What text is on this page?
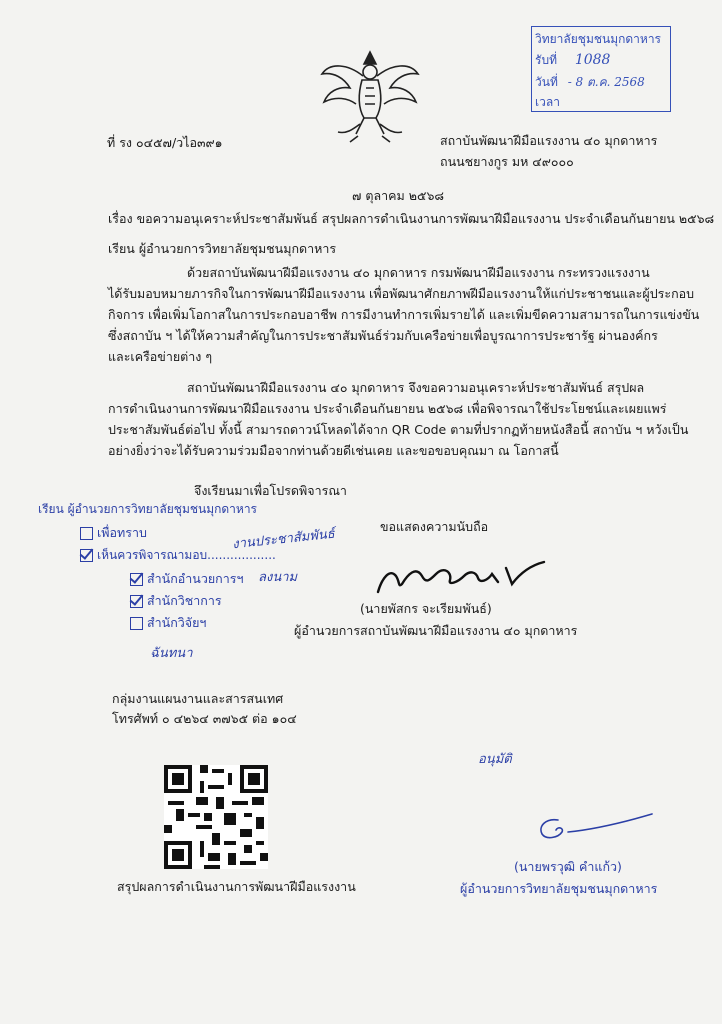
วิทยาลัยชุมชนมุกดาหาร
รับที่ 1088
วันที่ - 8 ต.ค. 2568
เวลา
ที่ รง ๐๔๕๗/วไอ๓๙๑	สถาบันพัฒนาฝีมือแรงงาน ๔๐ มุกดาหาร
ถนนชยางกูร มห ๔๙๐๐๐
๗ ตุลาคม ๒๕๖๘
เรื่อง ขอความอนุเคราะห์ประชาสัมพันธ์ สรุปผลการดำเนินงานการพัฒนาฝีมือแรงงาน ประจำเดือนกันยายน ๒๕๖๘
เรียน ผู้อำนวยการวิทยาลัยชุมชนมุกดาหาร
ด้วยสถาบันพัฒนาฝีมือแรงงาน ๔๐ มุกดาหาร กรมพัฒนาฝีมือแรงงาน กระทรวงแรงงาน
ได้รับมอบหมายภารกิจในการพัฒนาฝีมือแรงงาน เพื่อพัฒนาศักยภาพฝีมือแรงงานให้แก่ประชาชนและผู้ประกอบ
กิจการ เพื่อเพิ่มโอกาสในการประกอบอาชีพ การมีงานทำการเพิ่มรายได้ และเพิ่มขีดความสามารถในการแข่งขัน
ซึ่งสถาบัน ฯ ได้ให้ความสำคัญในการประชาสัมพันธ์ร่วมกับเครือข่ายเพื่อบูรณาการประชารัฐ ผ่านองค์กร
และเครือข่ายต่าง ๆ
สถาบันพัฒนาฝีมือแรงงาน ๔๐ มุกดาหาร จึงขอความอนุเคราะห์ประชาสัมพันธ์ สรุปผล
การดำเนินงานการพัฒนาฝีมือแรงงาน ประจำเดือนกันยายน ๒๕๖๘ เพื่อพิจารณาใช้ประโยชน์และเผยแพร่
ประชาสัมพันธ์ต่อไป ทั้งนี้ สามารถดาวน์โหลดได้จาก QR Code ตามที่ปรากฏท้ายหนังสือนี้ สถาบัน ฯ หวังเป็น
อย่างยิ่งว่าจะได้รับความร่วมมือจากท่านด้วยดีเช่นเคย และขอขอบคุณมา ณ โอกาสนี้
จึงเรียนมาเพื่อโปรดพิจารณา
เรียน ผู้อำนวยการวิทยาลัยชุมชนมุกดาหาร
เพื่อทราบ
เห็นควรพิจารณามอบ..................
งานประชาสัมพันธ์
สำนักอำนวยการฯ ลงนาม
สำนักวิชาการ
สำนักวิจัยฯ
ฉันทนา
ขอแสดงความนับถือ
(นายพัสกร จะเรียมพันธ์)
ผู้อำนวยการสถาบันพัฒนาฝีมือแรงงาน ๔๐ มุกดาหาร
กลุ่มงานแผนงานและสารสนเทศ
โทรศัพท์ ๐ ๔๒๖๔ ๓๗๖๕ ต่อ ๑๐๔
สรุปผลการดำเนินงานการพัฒนาฝีมือแรงงาน
อนุมัติ
(นายพรวุฒิ คำแก้ว)
ผู้อำนวยการวิทยาลัยชุมชนมุกดาหาร
